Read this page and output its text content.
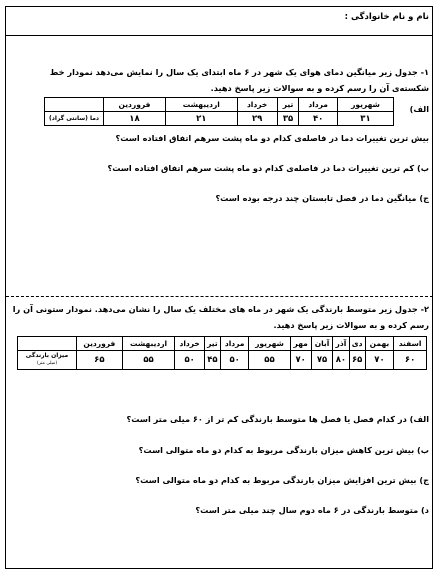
نام و نام خانوادگی :
۱- جدول زیر میانگین دمای هوای یک شهر در ۶ ماه ابتدای یک سال را نمایش می‌دهد نمودار خط شکسته‌ی آن را رسم کرده و به سوالات زیر پاسخ دهید.
الف)
شهریور	مرداد	تیر	خرداد	اردیبهشت	فروردین	
۳۱	۴۰	۳۵	۲۹	۲۱	۱۸	دما (سانتی گراد)
بیش ترین تغییرات دما در فاصله‌ی کدام دو ماه پشت سرهم اتفاق افتاده است؟
ب) کم ترین تغییرات دما در فاصله‌ی کدام دو ماه پشت سرهم اتفاق افتاده است؟
ج) میانگین دما در فصل تابستان چند درجه بوده است؟
۲- جدول زیر متوسط بارندگی یک شهر در ماه های مختلف یک سال را نشان می‌دهد. نمودار ستونی آن را رسم کرده و به سوالات زیر پاسخ دهید.
اسفند	بهمن	دی	آذر	آبان	مهر	شهریور	مرداد	تیر	خرداد	اردیبهشت	فروردین	
۶۰	۷۰	۶۵	۸۰	۷۵	۷۰	۵۵	۵۰	۴۵	۵۰	۵۵	۶۵	میزان بارندگی
(میلی متر)
الف) در کدام فصل یا فصل ها متوسط بارندگی کم تر از ۶۰ میلی متر است؟
ب) بیش ترین کاهش میزان بارندگی مربوط به کدام دو ماه متوالی است؟
ج) بیش ترین افزایش میزان بارندگی مربوط به کدام دو ماه متوالی است؟
د) متوسط بارندگی در ۶ ماه دوم سال چند میلی متر است؟
